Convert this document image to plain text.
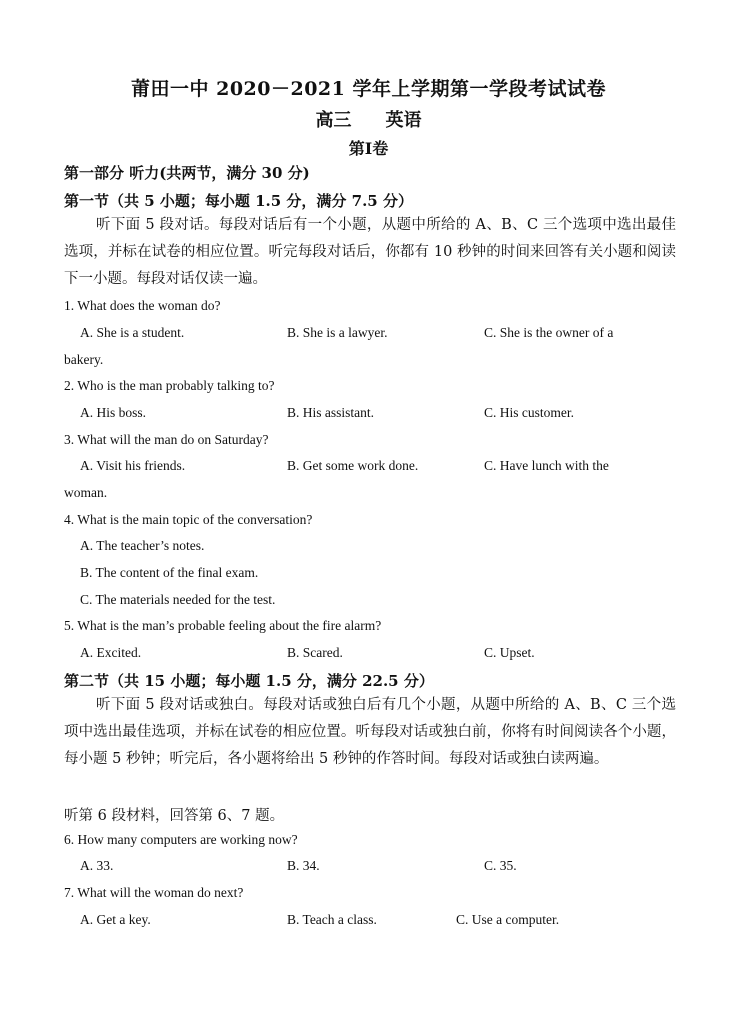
莆田一中 2020－2021 学年上学期第一学段考试试卷
高三 英语
第Ⅰ卷
第一部分 听力(共两节，满分 30 分)
第一节（共 5 小题；每小题 1.5 分，满分 7.5 分）
听下面 5 段对话。每段对话后有一个小题，从题中所给的 A、B、C 三个选项中选出最佳选项，并标在试卷的相应位置。听完每段对话后，你都有 10 秒钟的时间来回答有关小题和阅读下一小题。每段对话仅读一遍。
1. What does the woman do?
A. She is a student.	B. She is a lawyer.	C. She is the owner of a
bakery.
2. Who is the man probably talking to?
A. His boss.	B. His assistant.	C. His customer.
3. What will the man do on Saturday?
A. Visit his friends.	B. Get some work done.	C. Have lunch with the
woman.
4. What is the main topic of the conversation?
A. The teacher’s notes.
B. The content of the final exam.
C. The materials needed for the test.
5. What is the man’s probable feeling about the fire alarm?
A. Excited.	B. Scared.	C. Upset.
第二节（共 15 小题；每小题 1.5 分，满分 22.5 分）
听下面 5 段对话或独白。每段对话或独白后有几个小题，从题中所给的 A、B、C 三个选项中选出最佳选项，并标在试卷的相应位置。听每段对话或独白前，你将有时间阅读各个小题，每小题 5 秒钟；听完后，各小题将给出 5 秒钟的作答时间。每段对话或独白读两遍。
听第 6 段材料，回答第 6、7 题。
6. How many computers are working now?
A. 33.	B. 34.	C. 35.
7. What will the woman do next?
A. Get a key.	B. Teach a class.	C. Use a computer.
